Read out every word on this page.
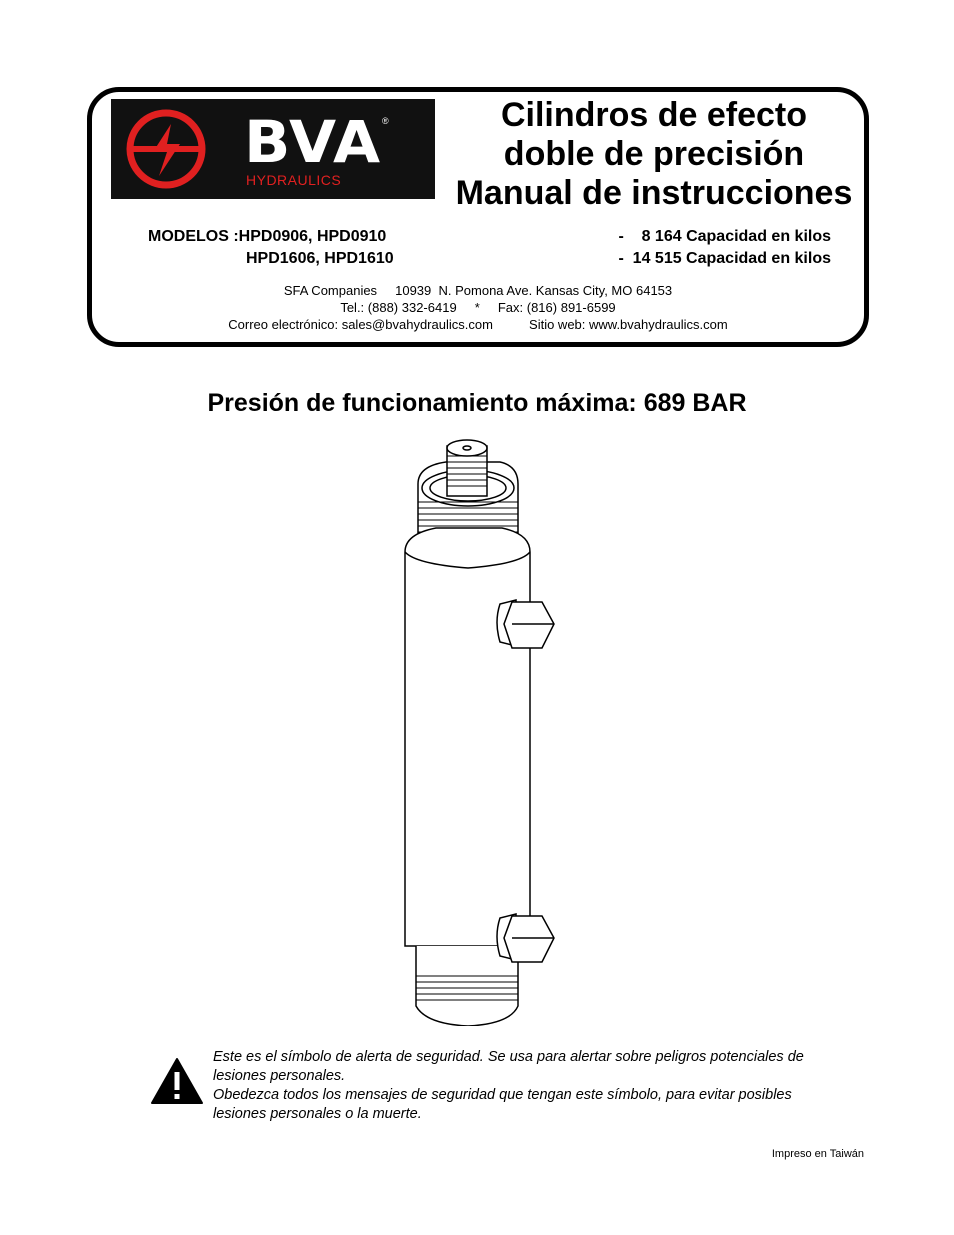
BVA ®
HYDRAULICS
Cilindros de efecto
doble de precisión
Manual de instrucciones
MODELOS :HPD0906, HPD0910	-    8 164 Capacidad en kilos
HPD1606, HPD1610	-  14 515 Capacidad en kilos
SFA Companies     10939  N. Pomona Ave. Kansas City, MO 64153
Tel.: (888) 332-6419     *     Fax: (816) 891-6599
Correo electrónico: sales@bvahydraulics.com          Sitio web: www.bvahydraulics.com
Presión de funcionamiento máxima: 689 BAR

Este es el símbolo de alerta de seguridad. Se usa para alertar sobre peligros potenciales de lesiones personales.

Obedezca todos los mensajes de seguridad que tengan este símbolo, para evitar posibles lesiones personales o la muerte.

Impreso en Taiwán
